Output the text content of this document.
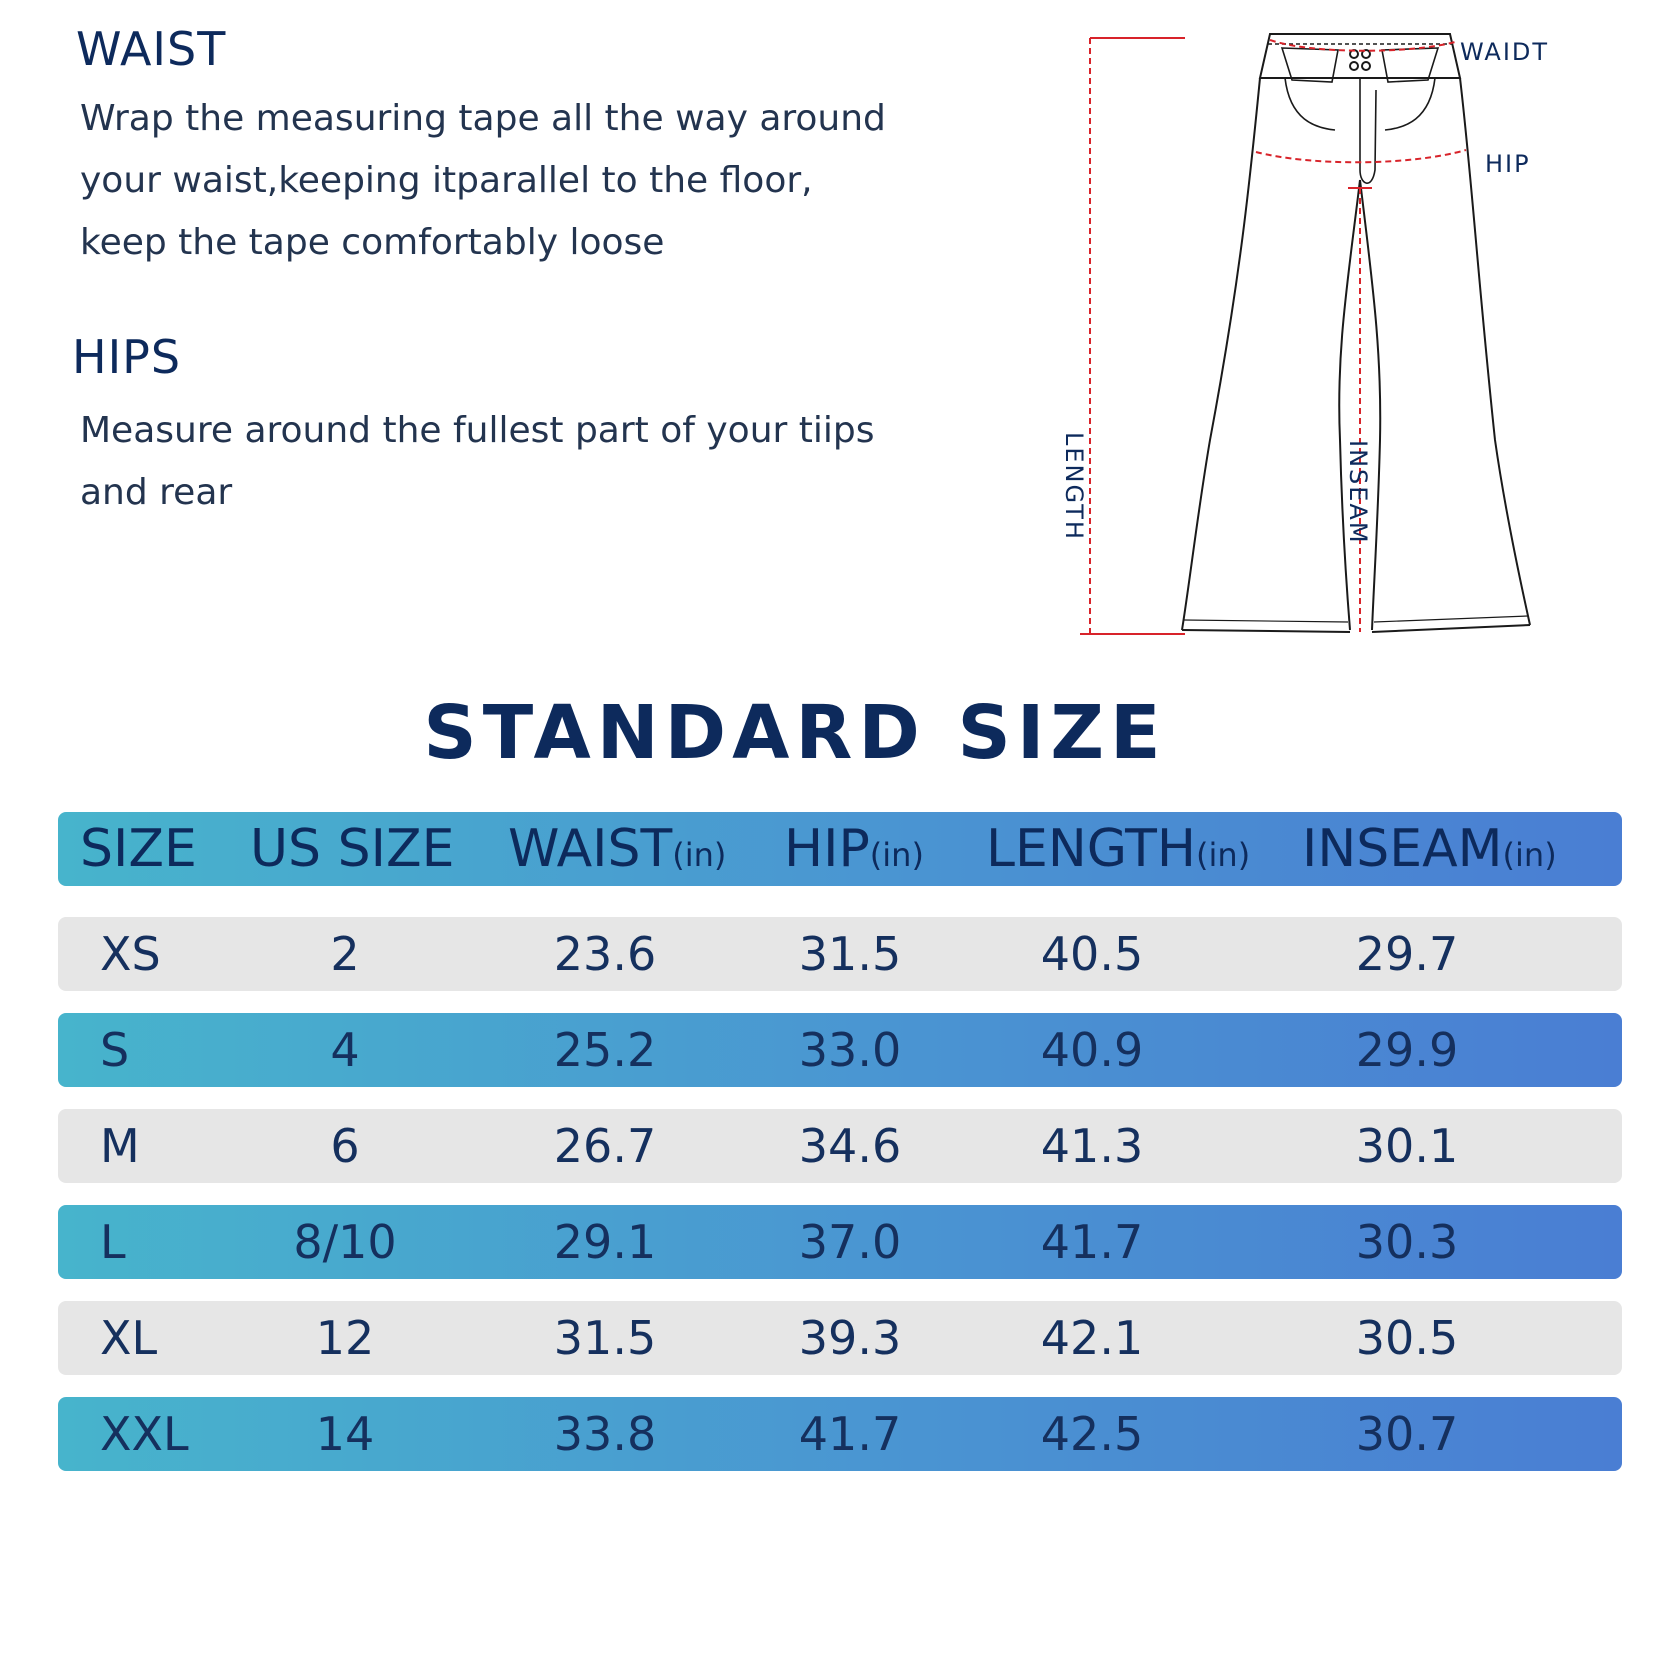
WAIST
Wrap the measuring tape all the way around
your waist,keeping itparallel to the floor,
keep the tape comfortably loose
HIPS
Measure around the fullest part of your tiips
and rear
WAIDT
HIP
LENGTH	INSEAM
STANDARD SIZE
SIZE US SIZE WAIST(in) HIP(in) LENGTH(in) INSEAM(in)
XS	2	23.6	31.5	40.5	29.7
S	4	25.2	33.0	40.9	29.9
M	6	26.7	34.6	41.3	30.1
L	8/10	29.1	37.0	41.7	30.3
XL	12	31.5	39.3	42.1	30.5
XXL	14	33.8	41.7	42.5	30.7
